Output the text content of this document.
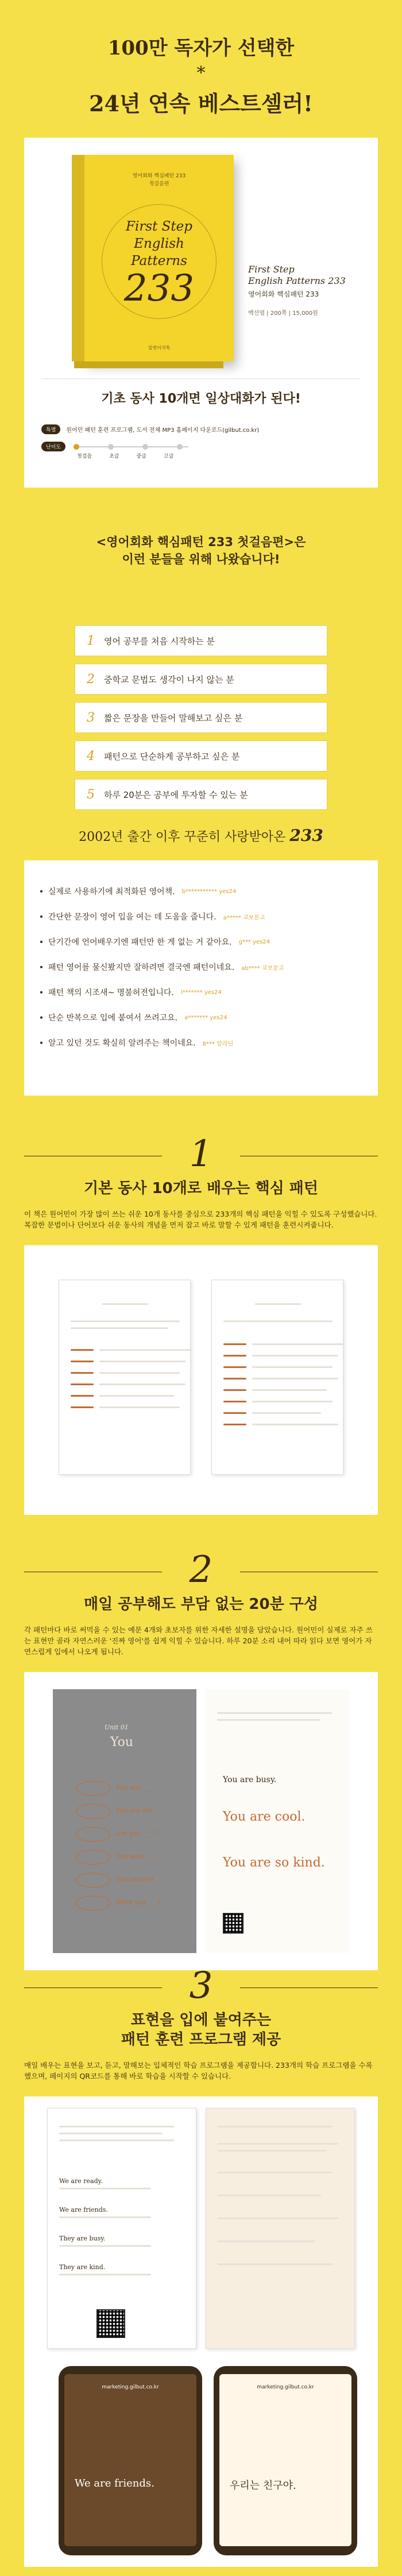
100만 독자가 선택한
*
24년 연속 베스트셀러!
영어회화 핵심패턴 233
첫걸음편
First Step
English
Patterns
233
길벗이지톡
First Step
English Patterns 233
영어회화 핵심패턴 233
백선엽 | 200쪽 | 15,000원
기초 동사 10개면 일상대화가 된다!
특별	원어민 패턴 훈련 프로그램, 도서 전체 MP3 홈페이지 다운로드(gilbut.co.kr)
난이도
첫걸음	초급	중급	고급
<영어회화 핵심패턴 233 첫걸음편>은
이런 분들을 위해 나왔습니다!
1	영어 공부를 처음 시작하는 분
2	중학교 문법도 생각이 나지 않는 분
3	짧은 문장을 만들어 말해보고 싶은 분
4	패턴으로 단순하게 공부하고 싶은 분
5	하루 20분은 공부에 투자할 수 있는 분
2002년 출간 이후 꾸준히 사랑받아온 233
실제로 사용하기에 최적화된 영어책. b*********** yes24
간단한 문장이 영어 입을 여는 데 도움을 줍니다. a***** 교보문고
단기간에 언어배우기엔 패턴만 한 게 없는 거 같아요. g*** yes24
패턴 영어를 물신봤지만 잘하려면 결국엔 패턴이네요. ab**** 교보문고
패턴 책의 시조새~ 명불허전입니다. l******* yes24
단순 반복으로 입에 붙여서 쓰려고요. a******* yes24
알고 있던 것도 확실히 알려주는 책이네요. 8*** 알라딘
1
기본 동사 10개로 배우는 핵심 패턴
이 책은 원어민이 가장 많이 쓰는 쉬운 10개 동사를 중심으로 233개의 핵심 패턴을 익힐 수 있도록 구성했습니다. 복잡한 문법이나 단어보다 쉬운 동사의 개념을 먼저 잡고 바로 말할 수 있게 패턴을 훈련시켜줍니다.
2
매일 공부해도 부담 없는 20분 구성
각 패턴마다 바로 써먹을 수 있는 예문 4개와 초보자를 위한 자세한 설명을 담았습니다. 원어민이 실제로 자주 쓰는 표현만 골라 자연스러운 '진짜 영어'를 쉽게 익힐 수 있습니다. 하루 20분 소리 내어 따라 읽다 보면 영어가 자연스럽게 입에서 나오게 됩니다.
Unit 01
You
You are ___
You are not ___
Are you ___?
You were ___
You weren't ___
Were you ___?
You are busy.
You are cool.
You are so kind.
3
표현을 입에 붙여주는
패턴 훈련 프로그램 제공
매일 배우는 표현을 보고, 듣고, 말해보는 입체적인 학습 프로그램을 제공합니다. 233개의 학습 프로그램을 수록했으며, 페이지의 QR코드를 통해 바로 학습을 시작할 수 있습니다.
We are ready.
We are friends.
They are busy.
They are kind.
marketing.gilbut.co.kr
We are friends.
marketing.gilbut.co.kr
우리는 친구야.
